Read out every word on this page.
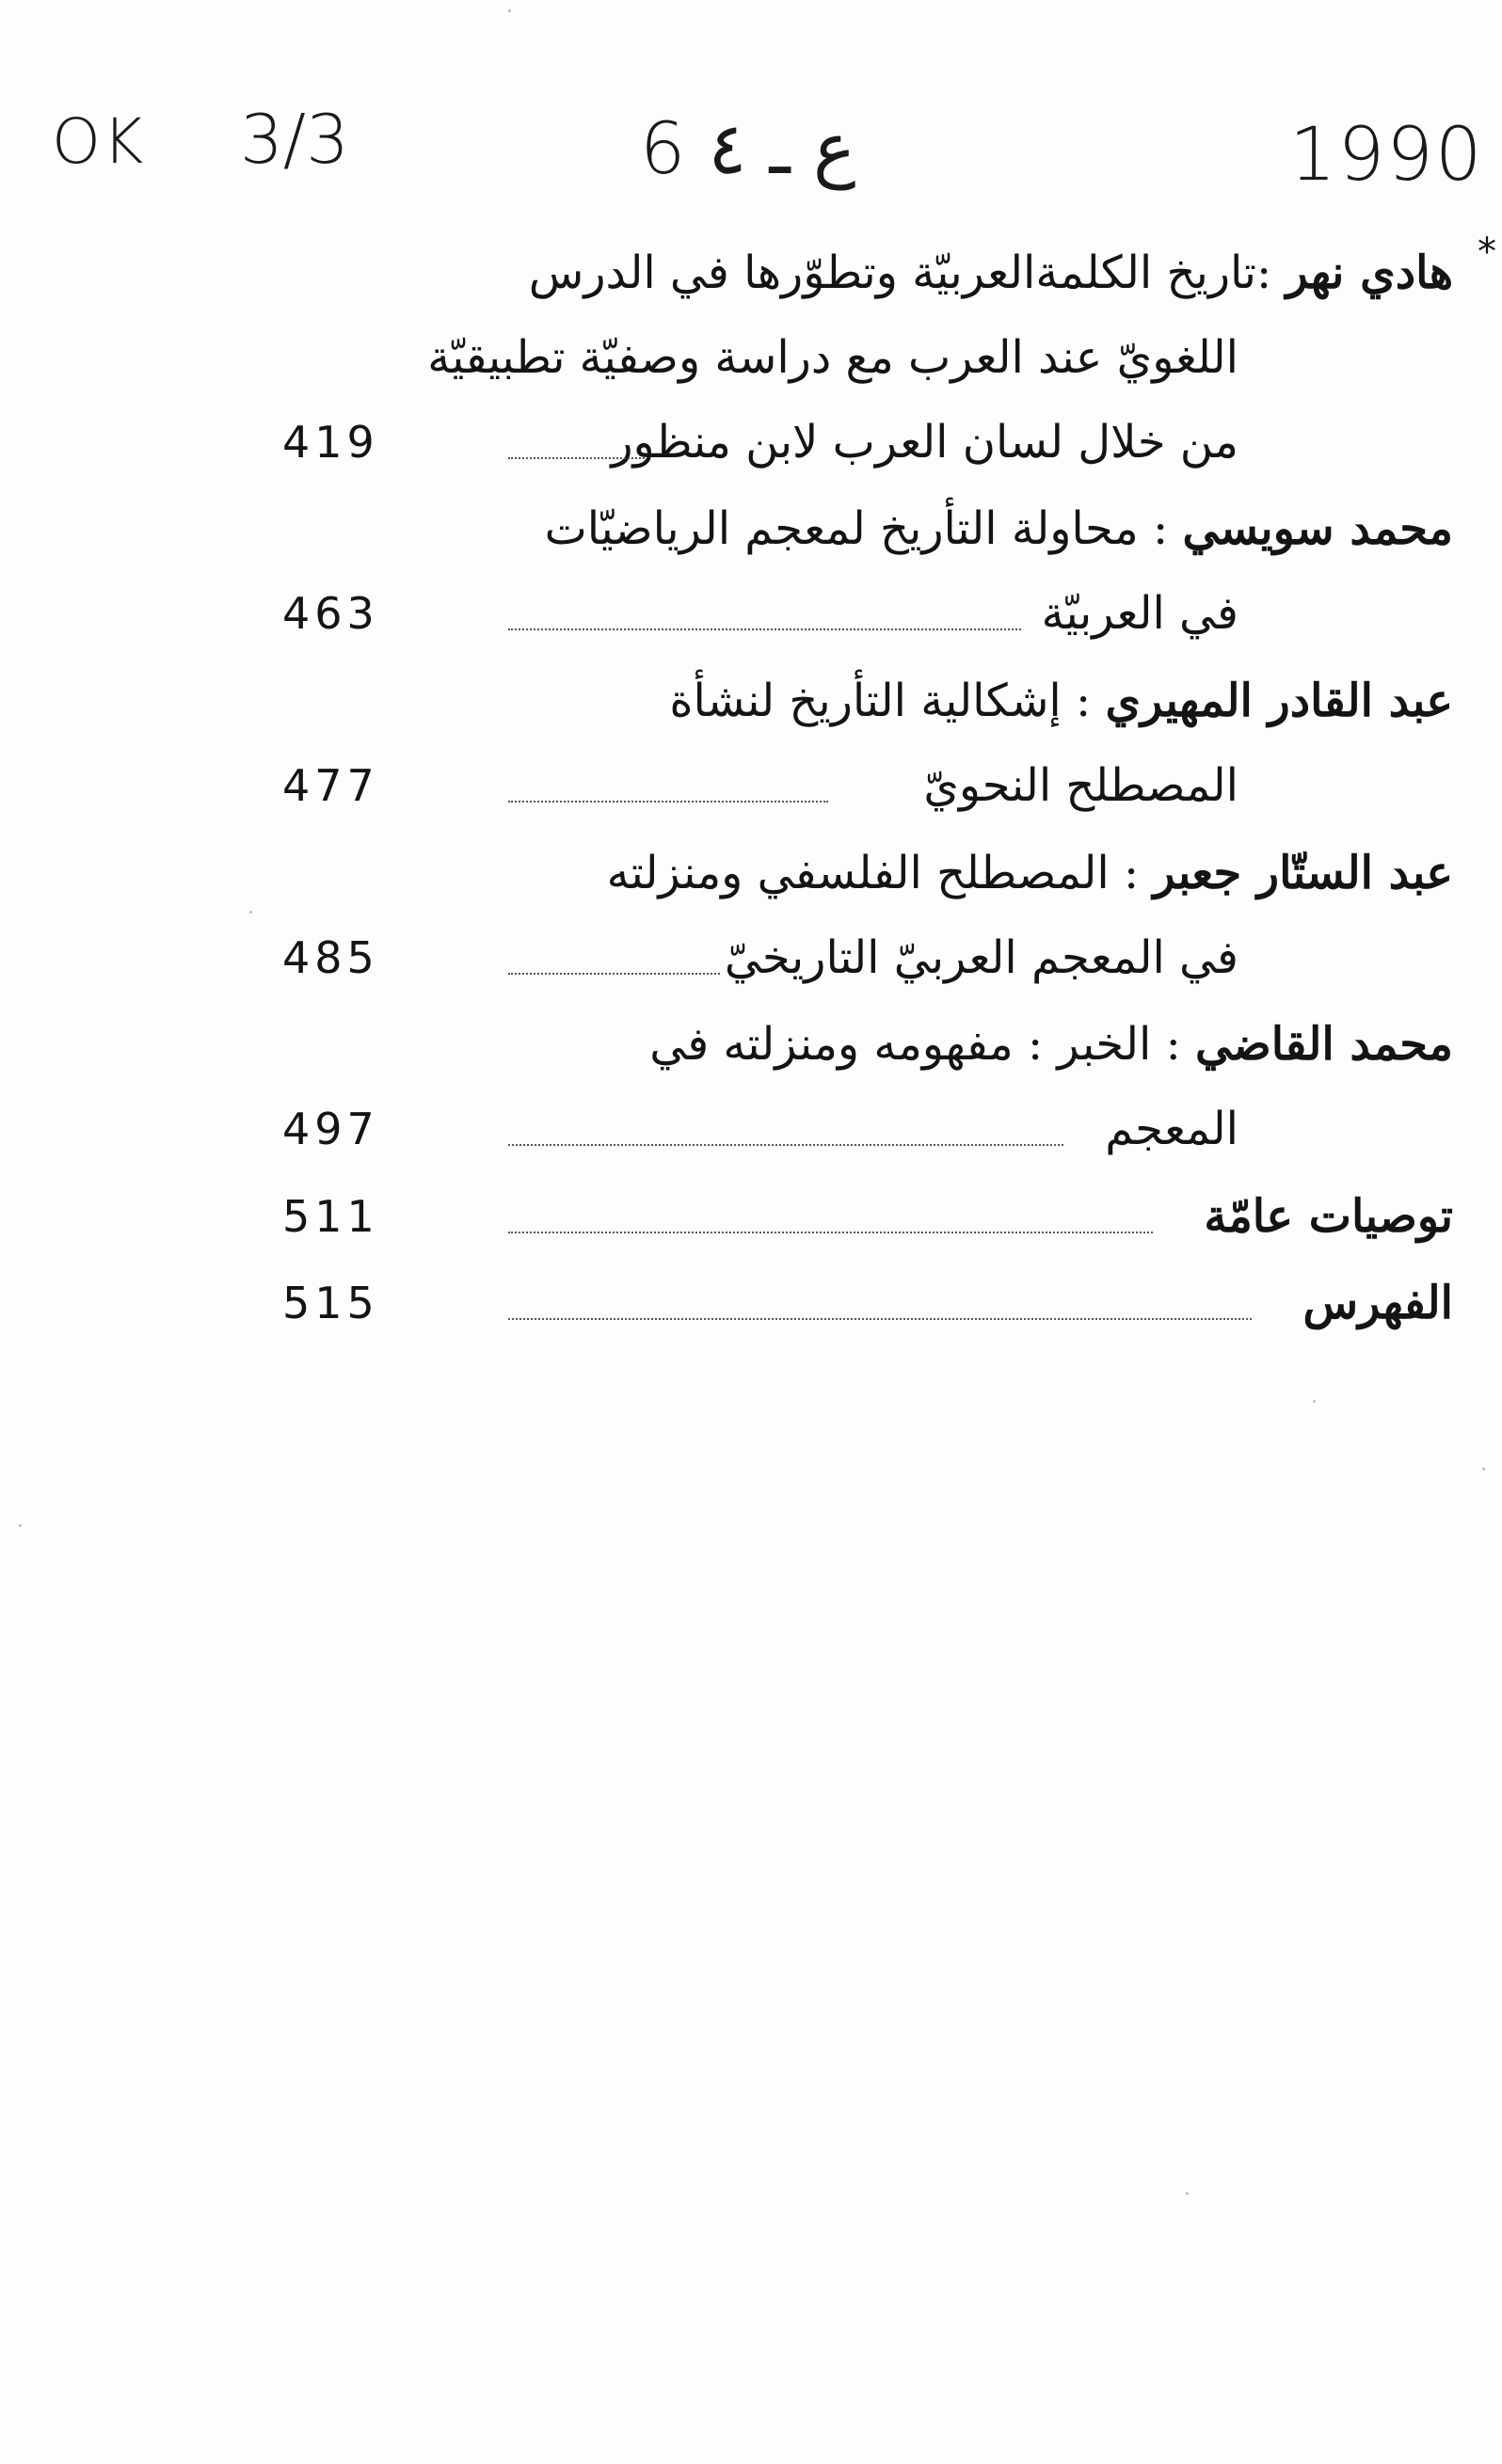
OK 3/3	ع ـ ٤ 6	1990
*
هادي نهر :تاريخ الكلمةالعربيّة وتطوّرها في الدرس
اللغويّ عند العرب مع دراسة وصفيّة تطبيقيّة
من خلال لسان العرب لابن منظور
419
محمد سويسي : محاولة التأريخ لمعجم الرياضيّات
في العربيّة
463
عبد القادر المهيري : إشكالية التأريخ لنشأة
المصطلح النحويّ
477
عبد الستّار جعبر : المصطلح الفلسفي ومنزلته
في المعجم العربيّ التاريخيّ
485
محمد القاضي : الخبر : مفهومه ومنزلته في
المعجم
497
توصيات عامّة
511
الفهرس
515
